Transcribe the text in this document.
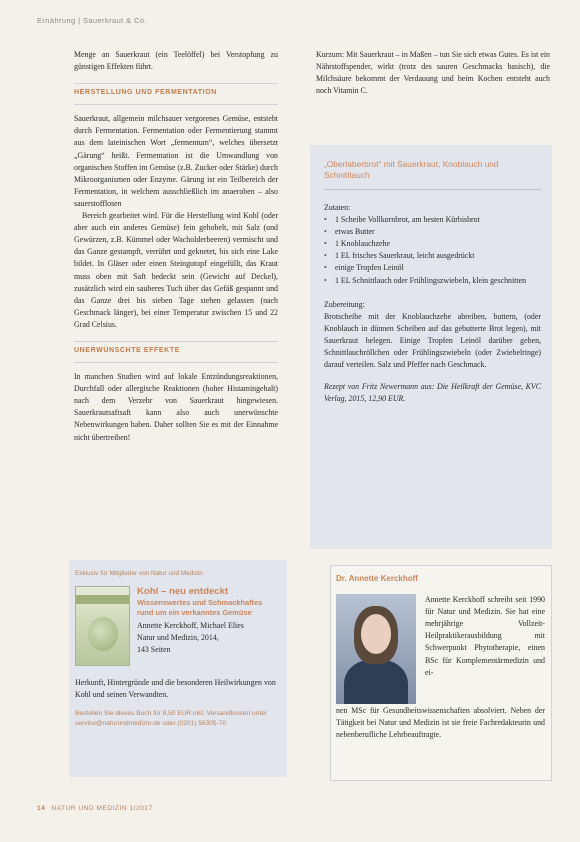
Ernährung | Sauerkraut & Co.

Menge an Sauerkraut (ein Teelöffel) bei Verstopfung zu günstigen Effekten führt.

HERSTELLUNG UND FERMENTATION

Sauerkraut, allgemein milchsauer vergorenes Gemüse, entsteht durch Fermentation. Fermentation oder Fermentierung stammt aus dem lateinischen Wort „fermentum“, welches übersetzt „Gärung“ heißt. Fermentation ist die Umwandlung von organischen Stoffen im Gemüse (z.B. Zucker oder Stärke) durch Mikroorganismen oder Enzyme. Gärung ist ein Teilbereich der Fermentation, in welchem ausschließlich im anaeroben – also sauerstofflosen

Bereich gearbeitet wird. Für die Herstellung wird Kohl (oder aber auch ein anderes Gemüse) fein gehobelt, mit Salz (und Gewürzen, z.B. Kümmel oder Wacholderbeeren) vermischt und das Ganze gestampft, verrührt und geknetet, bis sich eine Lake bildet. In Gläser oder einen Steingutopf eingefüllt, das Kraut muss oben mit Saft bedeckt sein (Gewicht auf Deckel), zusätzlich wird ein sauberes Tuch über das Gefäß gespannt und das Ganze drei bis sieben Tage stehen gelassen (nach Geschmack länger), bei einer Temperatur zwischen 15 und 22 Grad Celsius.

UNERWÜNSCHTE EFFEKTE

In manchen Studien wird auf lokale Entzündungsreaktionen, Durchfall oder allergische Reaktionen (hoher Histamingehalt) nach dem Verzehr von Sauerkraut hingewiesen. Sauerkrautsaftsaft kann also auch unerwünschte Nebenwirkungen haben. Daher sollten Sie es mit der Einnahme nicht übertreiben!

Kurzum: Mit Sauerkraut – in Maßen – tun Sie sich etwas Gutes. Es ist ein Nährstoffspender, wirkt (trotz des sauren Geschmacks basisch), die Milchsäure bekommt der Verdauung und beim Kochen entsteht auch noch Vitamin C.

„Oberlaberbrot“ mit Sauerkraut, Knoblauch und Schnittlauch
Zutaten:
• 1 Scheibe Vollkornbrot, am besten Kürbisbrot
• etwas Butter
• 1 Knoblauchzehe
• 1 EL frisches Sauerkraut, leicht ausgedrückt
• einige Tropfen Leinöl
• 1 EL Schnittlauch oder Frühlingszwiebeln, klein geschnitten
Zubereitung:

Brotscheibe mit der Knoblauchzehe abreiben, buttern, (oder Knoblauch in dünnen Scheiben auf das gebutterte Brot legen), mit Sauerkraut belegen. Einige Tropfen Leinöl darüber geben, Schnittlauchröllchen oder Frühlingszwiebeln (oder Zwiebelringe) darauf verteilen. Salz und Pfeffer nach Geschmack.

Rezept von Fritz Newermann aus: Die Heilkraft der Gemüse, KVC Verlag, 2015, 12,90 EUR.

Exklusiv für Mitglieder von Natur und Medizin
Kohl – neu entdeckt
Wissenswertes und Schmackhaftes rund um ein verkanntes Gemüse
Annette Kerckhoff, Michael Elies
Natur und Medizin, 2014,
143 Seiten

Herkunft, Hintergründe und die besonderen Heilwirkungen von Kohl und seinen Verwandten.

Bestellen Sie dieses Buch für 8,50 EUR inkl. Versandkosten unter service@naturundmedizin.de oder (0201) 56305-70

Dr. Annette Kerckhoff

Annette Kerckhoff schreibt seit 1990 für Natur und Medizin. Sie hat eine mehrjährige Vollzeit-Heilpraktikerausbildung mit Schwerpunkt Phytotherapie, einen BSc für Komplementärmedizin und ei-

nen MSc für Gesundheitswissenschaften absolviert. Neben der Tätigkeit bei Natur und Medizin ist sie freie Fachredakteurin und nebenberufliche Lehrbeauftragte.

14 NATUR UND MEDIZIN 1/2017
